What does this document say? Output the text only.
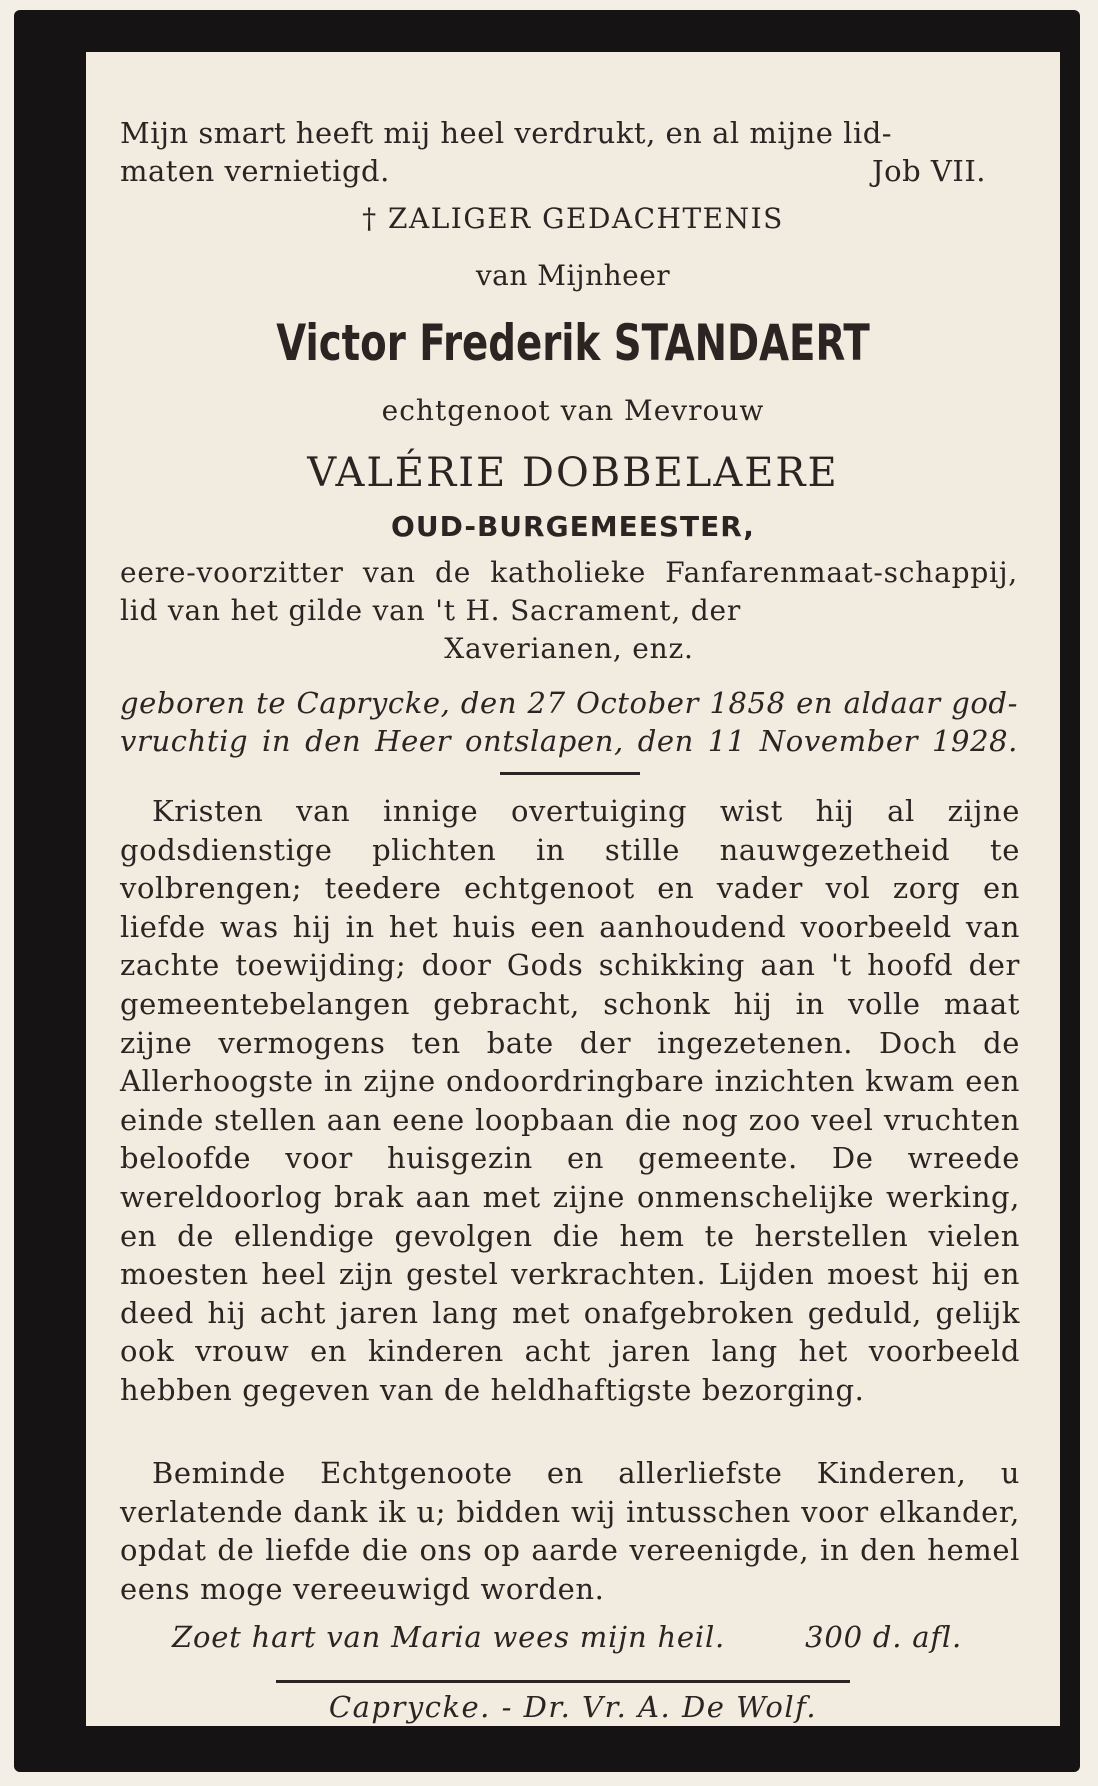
Mijn smart heeft mij heel verdrukt, en al mijne lid-
maten vernietigd.	Job VII.
† ZALIGER GEDACHTENIS
van Mijnheer
Victor Frederik STANDAERT
echtgenoot van Mevrouw
VALÉRIE DOBBELAERE
OUD-BURGEMEESTER,
eere-voorzitter van de katholieke Fanfarenmaat-schappij, lid van het gilde van 't H. Sacrament, der
Xaverianen, enz.
geboren te Caprycke, den 27 October 1858 en aldaar god-
vruchtig in den Heer ontslapen, den 11 November 1928.

Kristen van innige overtuiging wist hij al zijne godsdienstige plichten in stille nauwgezetheid te volbrengen; teedere echtgenoot en vader vol zorg en liefde was hij in het huis een aanhoudend voorbeeld van zachte toewijding; door Gods schikking aan 't hoofd der gemeentebelangen gebracht, schonk hij in volle maat zijne vermogens ten bate der ingezetenen. Doch de Allerhoogste in zijne ondoordringbare inzichten kwam een einde stellen aan eene loopbaan die nog zoo veel vruchten beloofde voor huisgezin en gemeente. De wreede wereldoorlog brak aan met zijne onmenschelijke werking, en de ellendige gevolgen die hem te herstellen vielen moesten heel zijn gestel verkrachten. Lijden moest hij en deed hij acht jaren lang met onafgebroken geduld, gelijk ook vrouw en kinderen acht jaren lang het voorbeeld hebben gegeven van de heldhaftigste bezorging.

Beminde Echtgenoote en allerliefste Kinderen, u verlatende dank ik u; bidden wij intusschen voor elkander, opdat de liefde die ons op aarde vereenigde, in den hemel eens moge vereeuwigd worden.

Zoet hart van Maria wees mijn heil.	300 d. afl.
Caprycke. - Dr. Vr. A. De Wolf.
